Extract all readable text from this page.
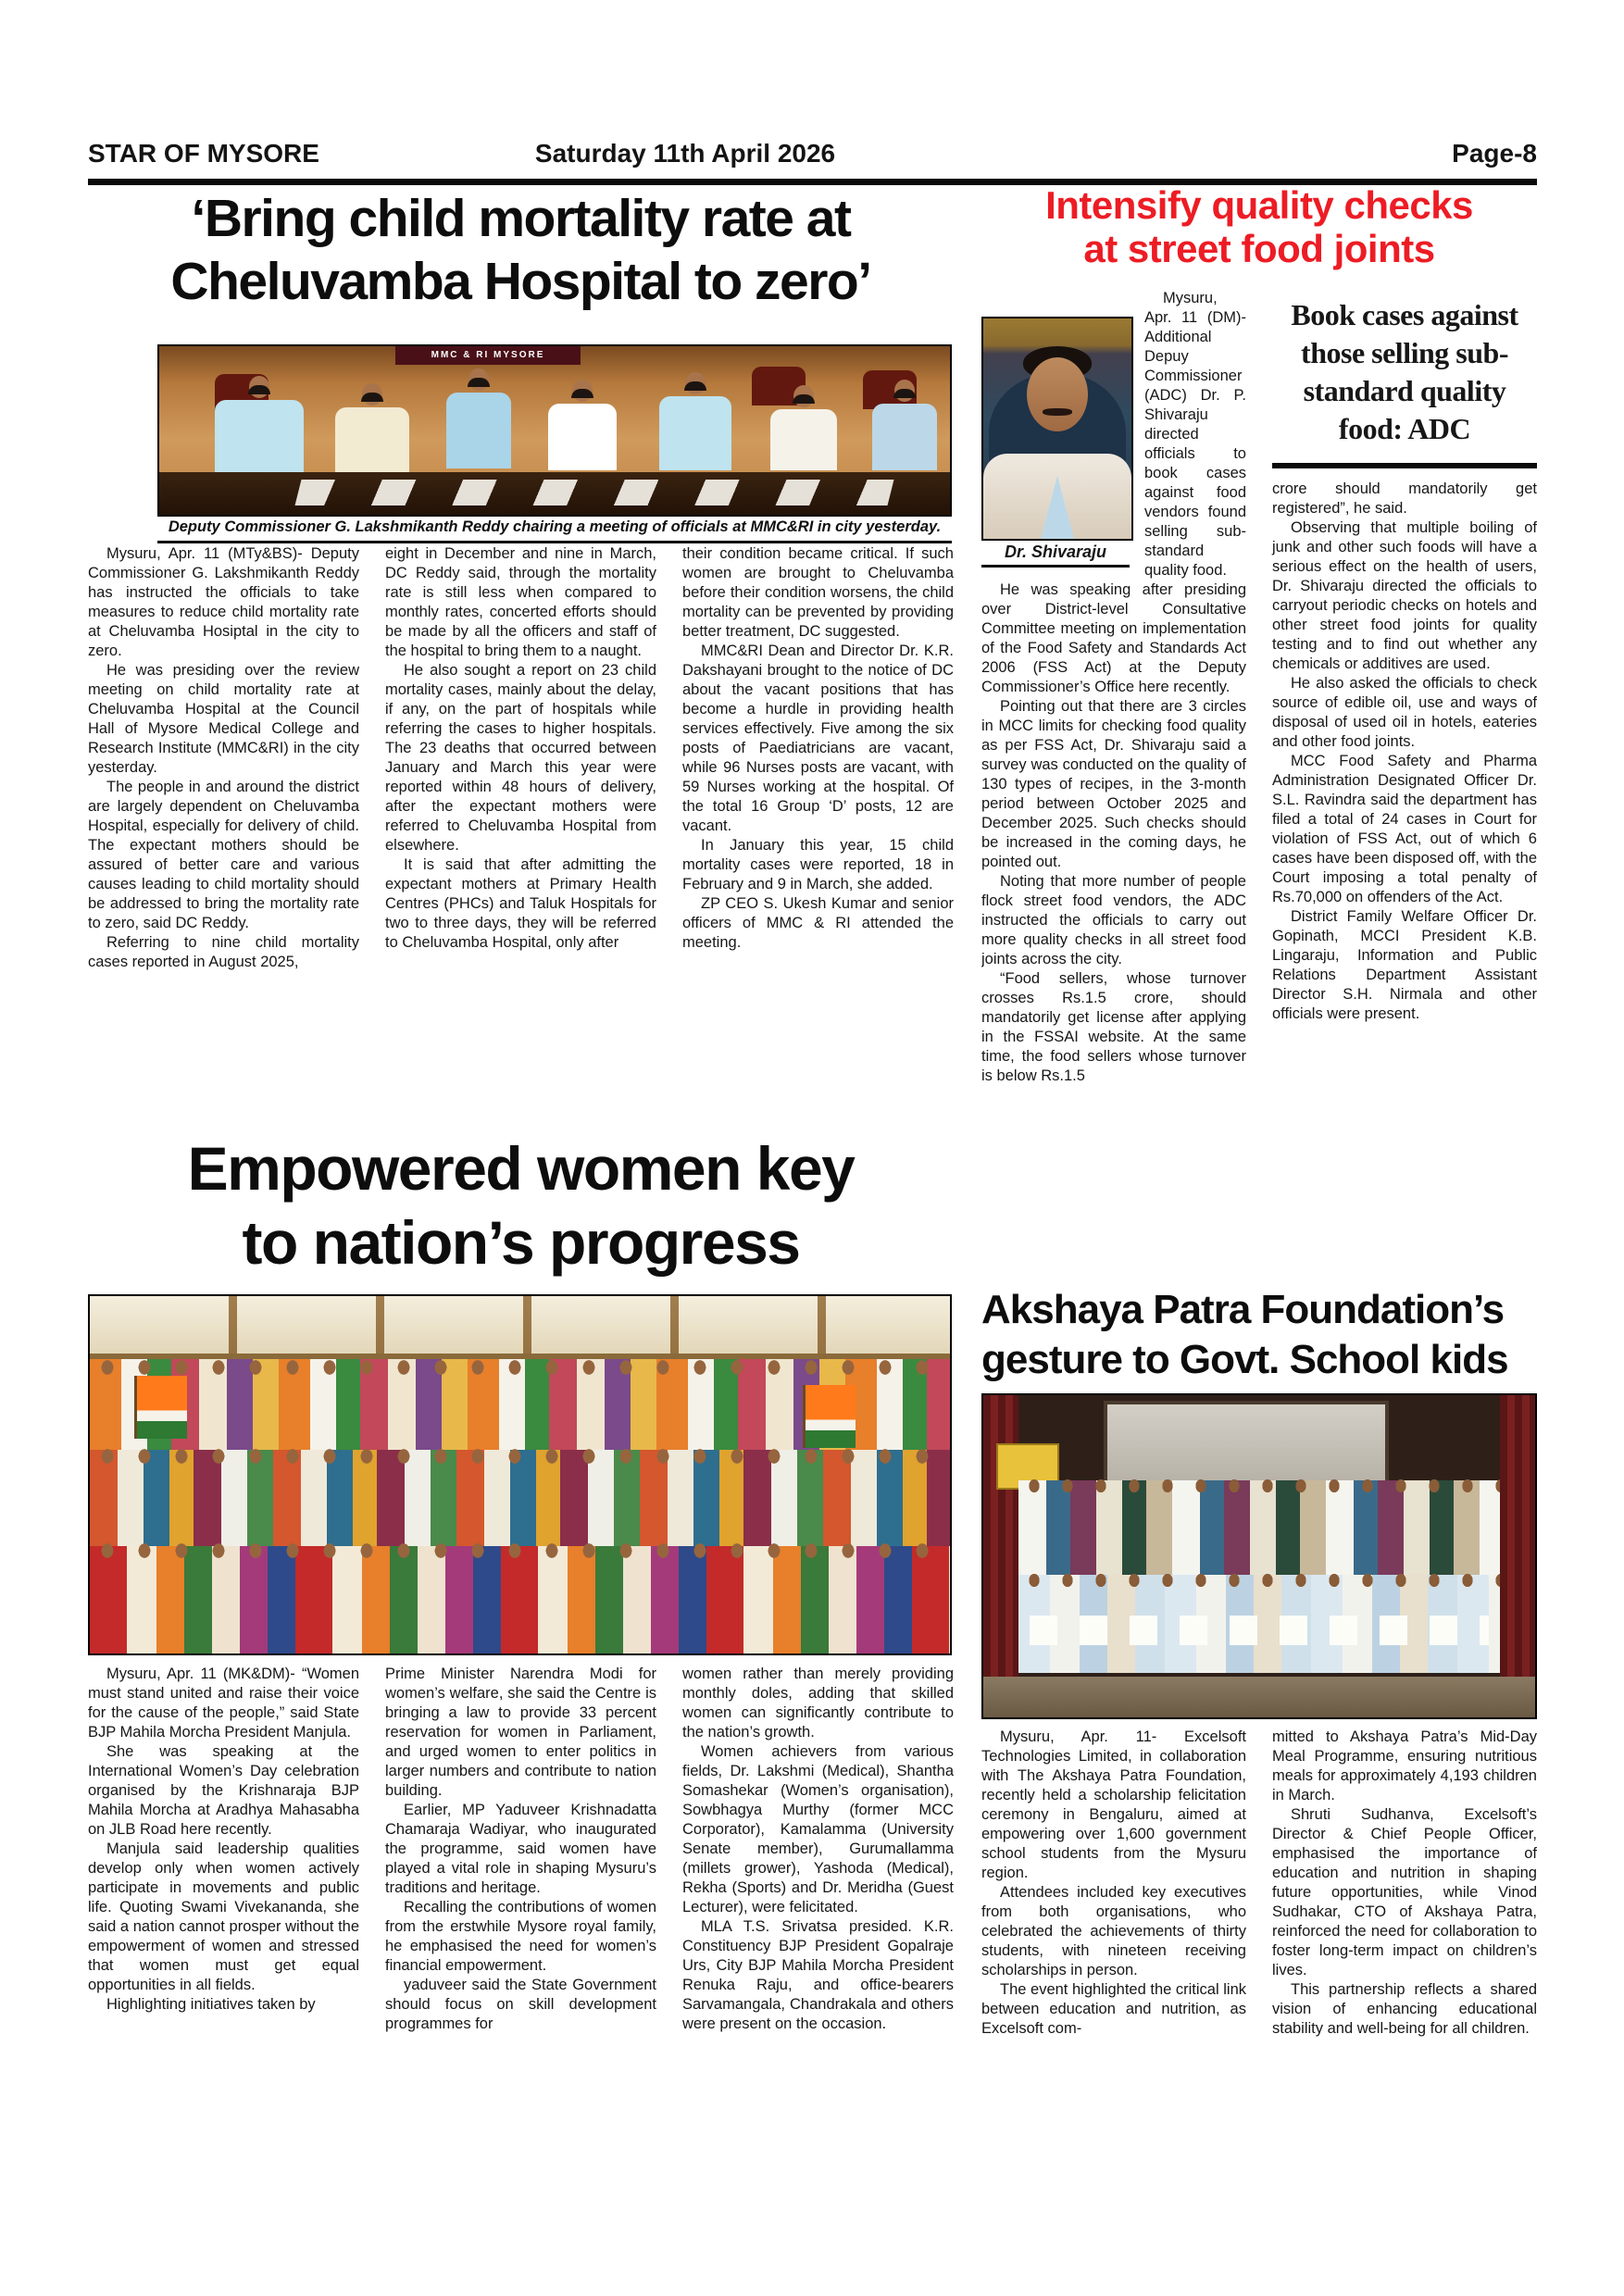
STAR OF MYSORE	Saturday 11th April 2026	Page-8
‘Bring child mortality rate at
Cheluvamba Hospital to zero’
MMC & RI MYSORE
Deputy Commissioner G. Lakshmikanth Reddy chairing a meeting of officials at MMC&RI in city yesterday.

Mysuru, Apr. 11 (MTy&BS)- Deputy Commissioner G. Lakshmikanth Reddy has instructed the officials to take measures to reduce child mortality rate at Cheluvamba Hosiptal in the city to zero.

He was presiding over the review meeting on child mortality rate at Cheluvamba Hospital at the Council Hall of Mysore Medical College and Research Institute (MMC&RI) in the city yesterday.

The people in and around the district are largely dependent on Cheluvamba Hospital, especially for delivery of child. The expectant mothers should be assured of better care and various causes leading to child mortality should be addressed to bring the mortality rate to zero, said DC Reddy.

Referring to nine child mortality cases reported in August 2025,

eight in December and nine in March, DC Reddy said, through the mortality rate is still less when compared to monthly rates, concerted efforts should be made by all the officers and staff of the hospital to bring them to a naught.

He also sought a report on 23 child mortality cases, mainly about the delay, if any, on the part of hospitals while referring the cases to higher hospitals. The 23 deaths that occurred between January and March this year were reported within 48 hours of delivery, after the expectant mothers were referred to Cheluvamba Hospital from elsewhere.

It is said that after admitting the expectant mothers at Primary Health Centres (PHCs) and Taluk Hospitals for two to three days, they will be referred to Cheluvamba Hospital, only after

their condition became critical. If such women are brought to Cheluvamba before their condition worsens, the child mortality can be prevented by providing better treatment, DC suggested.

MMC&RI Dean and Director Dr. K.R. Dakshayani brought to the notice of DC about the vacant positions that has become a hurdle in providing health services effectively. Five among the six posts of Paediatricians are vacant, while 96 Nurses posts are vacant, with 59 Nurses working at the hospital. Of the total 16 Group ‘D’ posts, 12 are vacant.

In January this year, 15 child mortality cases were reported, 18 in February and 9 in March, she added.

ZP CEO S. Ukesh Kumar and senior officers of MMC & RI attended the meeting.

Intensify quality checks
at street food joints
Dr. Shivaraju

Mysuru, Apr. 11 (DM)- Additional Depuy Commissioner (ADC) Dr. P. Shivaraju directed officials to book cases against food vendors found selling sub-standard quality food.

He was speaking after presiding over District-level Consultative Committee meeting on implementation of the Food Safety and Standards Act 2006 (FSS Act) at the Deputy Commissioner’s Office here recently.

Pointing out that there are 3 circles in MCC limits for checking food quality as per FSS Act, Dr. Shivaraju said a survey was conducted on the quality of 130 types of recipes, in the 3-month period between October 2025 and December 2025. Such checks should be increased in the coming days, he pointed out.

Noting that more number of people flock street food vendors, the ADC instructed the officials to carry out more quality checks in all street food joints across the city.

“Food sellers, whose turnover crosses Rs.1.5 crore, should mandatorily get license after applying in the FSSAI website. At the same time, the food sellers whose turnover is below Rs.1.5

Book cases against those selling sub-standard quality food: ADC

crore should mandatorily get registered”, he said.

Observing that multiple boiling of junk and other such foods will have a serious effect on the health of users, Dr. Shivaraju directed the officials to carryout periodic checks on hotels and other street food joints for quality testing and to find out whether any chemicals or additives are used.

He also asked the officials to check source of edible oil, use and ways of disposal of used oil in hotels, eateries and other food joints.

MCC Food Safety and Pharma Administration Designated Officer Dr. S.L. Ravindra said the department has filed a total of 24 cases in Court for violation of FSS Act, out of which 6 cases have been disposed off, with the Court imposing a total penalty of Rs.70,000 on offenders of the Act.

District Family Welfare Officer Dr. Gopinath, MCCI President K.B. Lingaraju, Information and Public Relations Department Assistant Director S.H. Nirmala and other officials were present.

Empowered women key
to nation’s progress

Mysuru, Apr. 11 (MK&DM)- “Women must stand united and raise their voice for the cause of the people,” said State BJP Mahila Morcha President Manjula.

She was speaking at the International Women’s Day celebration organised by the Krishnaraja BJP Mahila Morcha at Aradhya Mahasabha on JLB Road here recently.

Manjula said leadership qualities develop only when women actively participate in movements and public life. Quoting Swami Vivekananda, she said a nation cannot prosper without the empowerment of women and stressed that women must get equal opportunities in all fields.

Highlighting initiatives taken by

Prime Minister Narendra Modi for women’s welfare, she said the Centre is bringing a law to provide 33 percent reservation for women in Parliament, and urged women to enter politics in larger numbers and contribute to nation building.

Earlier, MP Yaduveer Krishnadatta Chamaraja Wadiyar, who inaugurated the programme, said women have played a vital role in shaping Mysuru’s traditions and heritage.

Recalling the contributions of women from the erstwhile Mysore royal family, he emphasised the need for women’s financial empowerment.

yaduveer said the State Government should focus on skill development programmes for

women rather than merely providing monthly doles, adding that skilled women can significantly contribute to the nation’s growth.

Women achievers from various fields, Dr. Lakshmi (Medical), Shantha Somashekar (Women’s organisation), Sowbhagya Murthy (former MCC Corporator), Kamalamma (University Senate member), Gurumallamma (millets grower), Yashoda (Medical), Rekha (Sports) and Dr. Meridha (Guest Lecturer), were felicitated.

MLA T.S. Srivatsa presided. K.R. Constituency BJP President Gopalraje Urs, City BJP Mahila Morcha President Renuka Raju, and office-bearers Sarvamangala, Chandrakala and others were present on the occasion.

Akshaya Patra Foundation’s
gesture to Govt. School kids

Mysuru, Apr. 11- Excelsoft Technologies Limited, in collaboration with The Akshaya Patra Foundation, recently held a scholarship felicitation ceremony in Bengaluru, aimed at empowering over 1,600 government school students from the Mysuru region.

Attendees included key executives from both organisations, who celebrated the achievements of thirty students, with nineteen receiving scholarships in person.

The event highlighted the critical link between education and nutrition, as Excelsoft com-

mitted to Akshaya Patra’s Mid-Day Meal Programme, ensuring nutritious meals for approximately 4,193 children in March.

Shruti Sudhanva, Excelsoft’s Director & Chief People Officer, emphasised the importance of education and nutrition in shaping future opportunities, while Vinod Sudhakar, CTO of Akshaya Patra, reinforced the need for collaboration to foster long-term impact on children’s lives.

This partnership reflects a shared vision of enhancing educational stability and well-being for all children.
